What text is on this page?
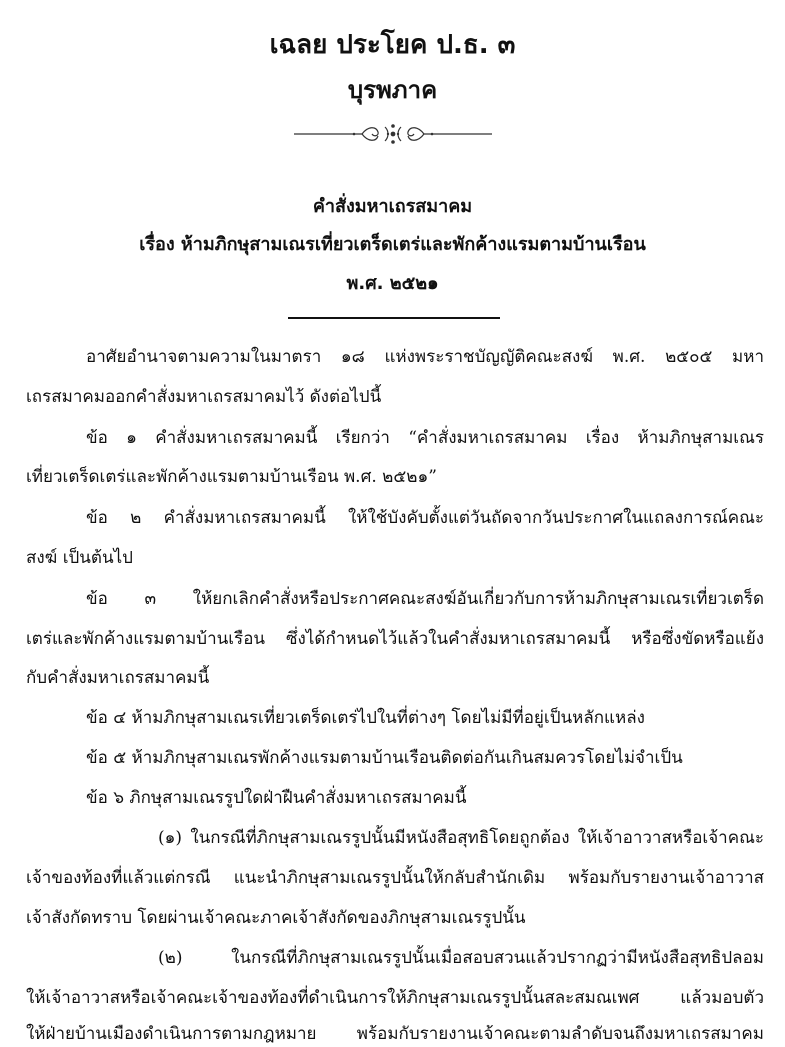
เฉลย ประโยค ป.ธ. ๓
บุรพภาค
คำสั่งมหาเถรสมาคม
เรื่อง ห้ามภิกษุสามเณรเที่ยวเตร็ดเตร่และพักค้างแรมตามบ้านเรือน
พ.ศ. ๒๕๒๑
อาศัยอำนาจตามความในมาตรา ๑๘ แห่งพระราชบัญญัติคณะสงฆ์ พ.ศ. ๒๕๐๕ มหา
เถรสมาคมออกคำสั่งมหาเถรสมาคมไว้ ดังต่อไปนี้
ข้อ ๑ คำสั่งมหาเถรสมาคมนี้ เรียกว่า “คำสั่งมหาเถรสมาคม เรื่อง ห้ามภิกษุสามเณร
เที่ยวเตร็ดเตร่และพักค้างแรมตามบ้านเรือน พ.ศ. ๒๕๒๑”
ข้อ ๒ คำสั่งมหาเถรสมาคมนี้ ให้ใช้บังคับตั้งแต่วันถัดจากวันประกาศในแถลงการณ์คณะ
สงฆ์ เป็นต้นไป
ข้อ ๓ ให้ยกเลิกคำสั่งหรือประกาศคณะสงฆ์อันเกี่ยวกับการห้ามภิกษุสามเณรเที่ยวเตร็ด
เตร่และพักค้างแรมตามบ้านเรือน ซึ่งได้กำหนดไว้แล้วในคำสั่งมหาเถรสมาคมนี้ หรือซึ่งขัดหรือแย้ง
กับคำสั่งมหาเถรสมาคมนี้
ข้อ ๔ ห้ามภิกษุสามเณรเที่ยวเตร็ดเตร่ไปในที่ต่างๆ โดยไม่มีที่อยู่เป็นหลักแหล่ง
ข้อ ๕ ห้ามภิกษุสามเณรพักค้างแรมตามบ้านเรือนติดต่อกันเกินสมควรโดยไม่จำเป็น
ข้อ ๖ ภิกษุสามเณรรูปใดฝ่าฝืนคำสั่งมหาเถรสมาคมนี้
(๑) ในกรณีที่ภิกษุสามเณรรูปนั้นมีหนังสือสุทธิโดยถูกต้อง ให้เจ้าอาวาสหรือเจ้าคณะ
เจ้าของท้องที่แล้วแต่กรณี แนะนำภิกษุสามเณรรูปนั้นให้กลับสำนักเดิม พร้อมกับรายงานเจ้าอาวาส
เจ้าสังกัดทราบ โดยผ่านเจ้าคณะภาคเจ้าสังกัดของภิกษุสามเณรรูปนั้น
(๒) ในกรณีที่ภิกษุสามเณรรูปนั้นเมื่อสอบสวนแล้วปรากฏว่ามีหนังสือสุทธิปลอม
ให้เจ้าอาวาสหรือเจ้าคณะเจ้าของท้องที่ดำเนินการให้ภิกษุสามเณรรูปนั้นสละสมณเพศ แล้วมอบตัว
ให้ฝ่ายบ้านเมืองดำเนินการตามกฎหมาย พร้อมกับรายงานเจ้าคณะตามลำดับจนถึงมหาเถรสมาคม
